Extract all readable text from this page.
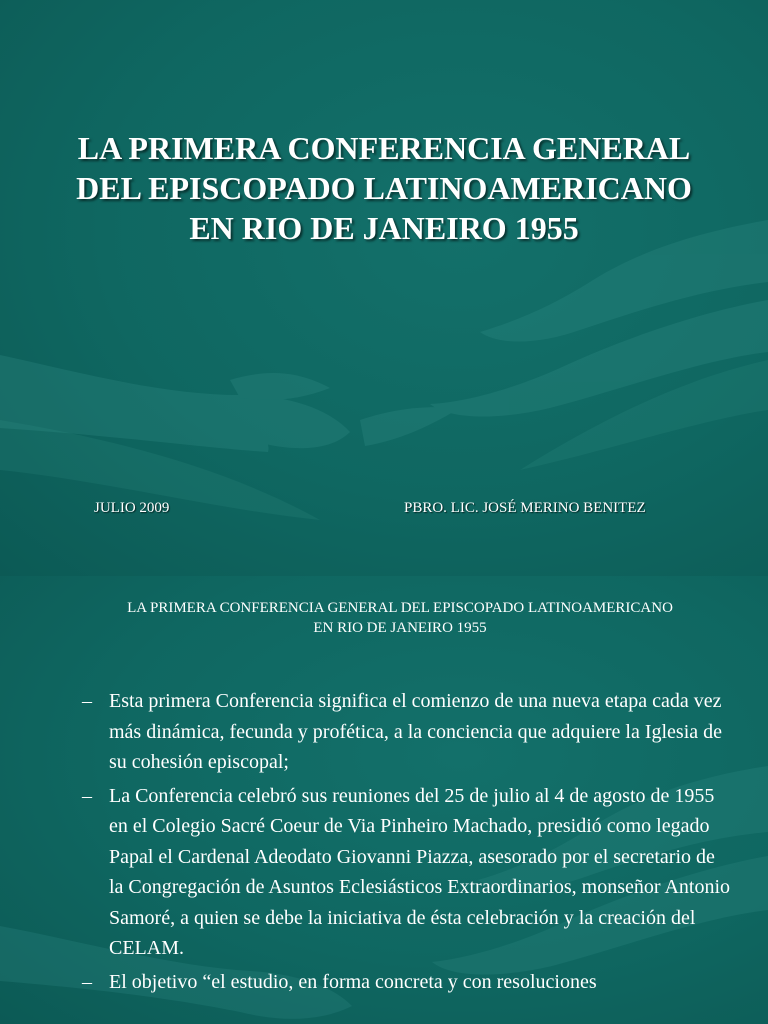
LA PRIMERA CONFERENCIA GENERAL DEL EPISCOPADO LATINOAMERICANO EN RIO DE JANEIRO 1955
JULIO 2009	PBRO. LIC. JOSÉ MERINO BENITEZ
LA PRIMERA CONFERENCIA GENERAL DEL EPISCOPADO LATINOAMERICANO EN RIO DE JANEIRO 1955
– Esta primera Conferencia significa el comienzo de una nueva etapa cada vez más dinámica, fecunda y profética, a la conciencia que adquiere la Iglesia de su cohesión episcopal;
– La Conferencia celebró sus reuniones del 25 de julio al 4 de agosto de 1955 en el Colegio Sacré Coeur de Via Pinheiro Machado, presidió como legado Papal el Cardenal Adeodato Giovanni Piazza, asesorado por el secretario de la Congregación de Asuntos Eclesiásticos Extraordinarios, monseñor Antonio Samoré, a quien se debe la iniciativa de ésta celebración y la creación del CELAM.
– El objetivo “el estudio, en forma concreta y con resoluciones
